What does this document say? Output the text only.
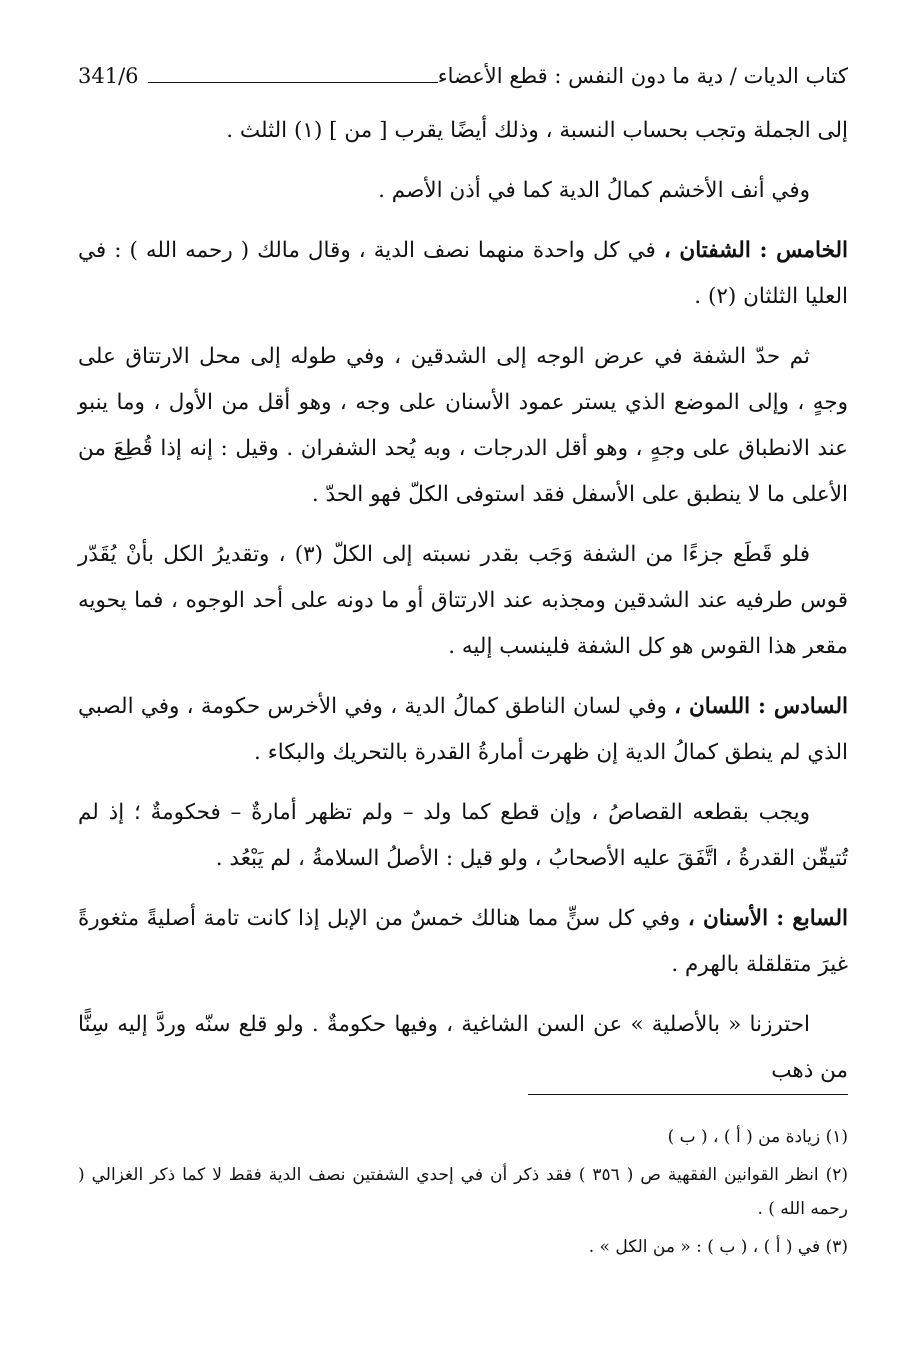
كتاب الديات / دية ما دون النفس : قطع الأعضاء
341/6

إلى الجملة وتجب بحساب النسبة ، وذلك أيضًا يقرب [ من ] (١) الثلث .

وفي أنف الأخشم كمالُ الدية كما في أذن الأصم .

الخامس : الشفتان ، في كل واحدة منهما نصف الدية ، وقال مالك ( رحمه الله ) : في العليا الثلثان (٢) .

ثم حدّ الشفة في عرض الوجه إلى الشدقين ، وفي طوله إلى محل الارتتاق على وجهٍ ، وإلى الموضع الذي يستر عمود الأسنان على وجه ، وهو أقل من الأول ، وما ينبو عند الانطباق على وجهٍ ، وهو أقل الدرجات ، وبه يُحد الشفران . وقيل : إنه إذا قُطِعَ من الأعلى ما لا ينطبق على الأسفل فقد استوفى الكلّ فهو الحدّ .

فلو قَطَع جزءًا من الشفة وَجَب بقدر نسبته إلى الكلّ (٣) ، وتقديرُ الكل بأنْ يُقَدّر قوس طرفيه عند الشدقين ومجذبه عند الارتتاق أو ما دونه على أحد الوجوه ، فما يحويه مقعر هذا القوس هو كل الشفة فلينسب إليه .

السادس : اللسان ، وفي لسان الناطق كمالُ الدية ، وفي الأخرس حكومة ، وفي الصبي الذي لم ينطق كمالُ الدية إن ظهرت أمارةُ القدرة بالتحريك والبكاء .

ويجب بقطعه القصاصُ ، وإن قطع كما ولد – ولم تظهر أمارةٌ – فحكومةٌ ؛ إذ لم تُتيقّن القدرةُ ، اتَّفَقَ عليه الأصحابُ ، ولو قيل : الأصلُ السلامةُ ، لم يَبْعُد .

السابع : الأسنان ، وفي كل سنٍّ مما هنالك خمسٌ من الإبل إذا كانت تامة أصليةً مثغورةً غيرَ متقلقلة بالهرم .

احترزنا « بالأصلية » عن السن الشاغية ، وفيها حكومةٌ . ولو قلع سنّه وردَّ إليه سِنًّا من ذهب

(١) زيادة من ( أ ) ، ( ب )

(٢) انظر القوانين الفقهية ص ( ٣٥٦ ) فقد ذكر أن في إحدي الشفتين نصف الدية فقط لا كما ذكر الغزالي ( رحمه الله ) .

(٣) في ( أ ) ، ( ب ) : « من الكل » .
